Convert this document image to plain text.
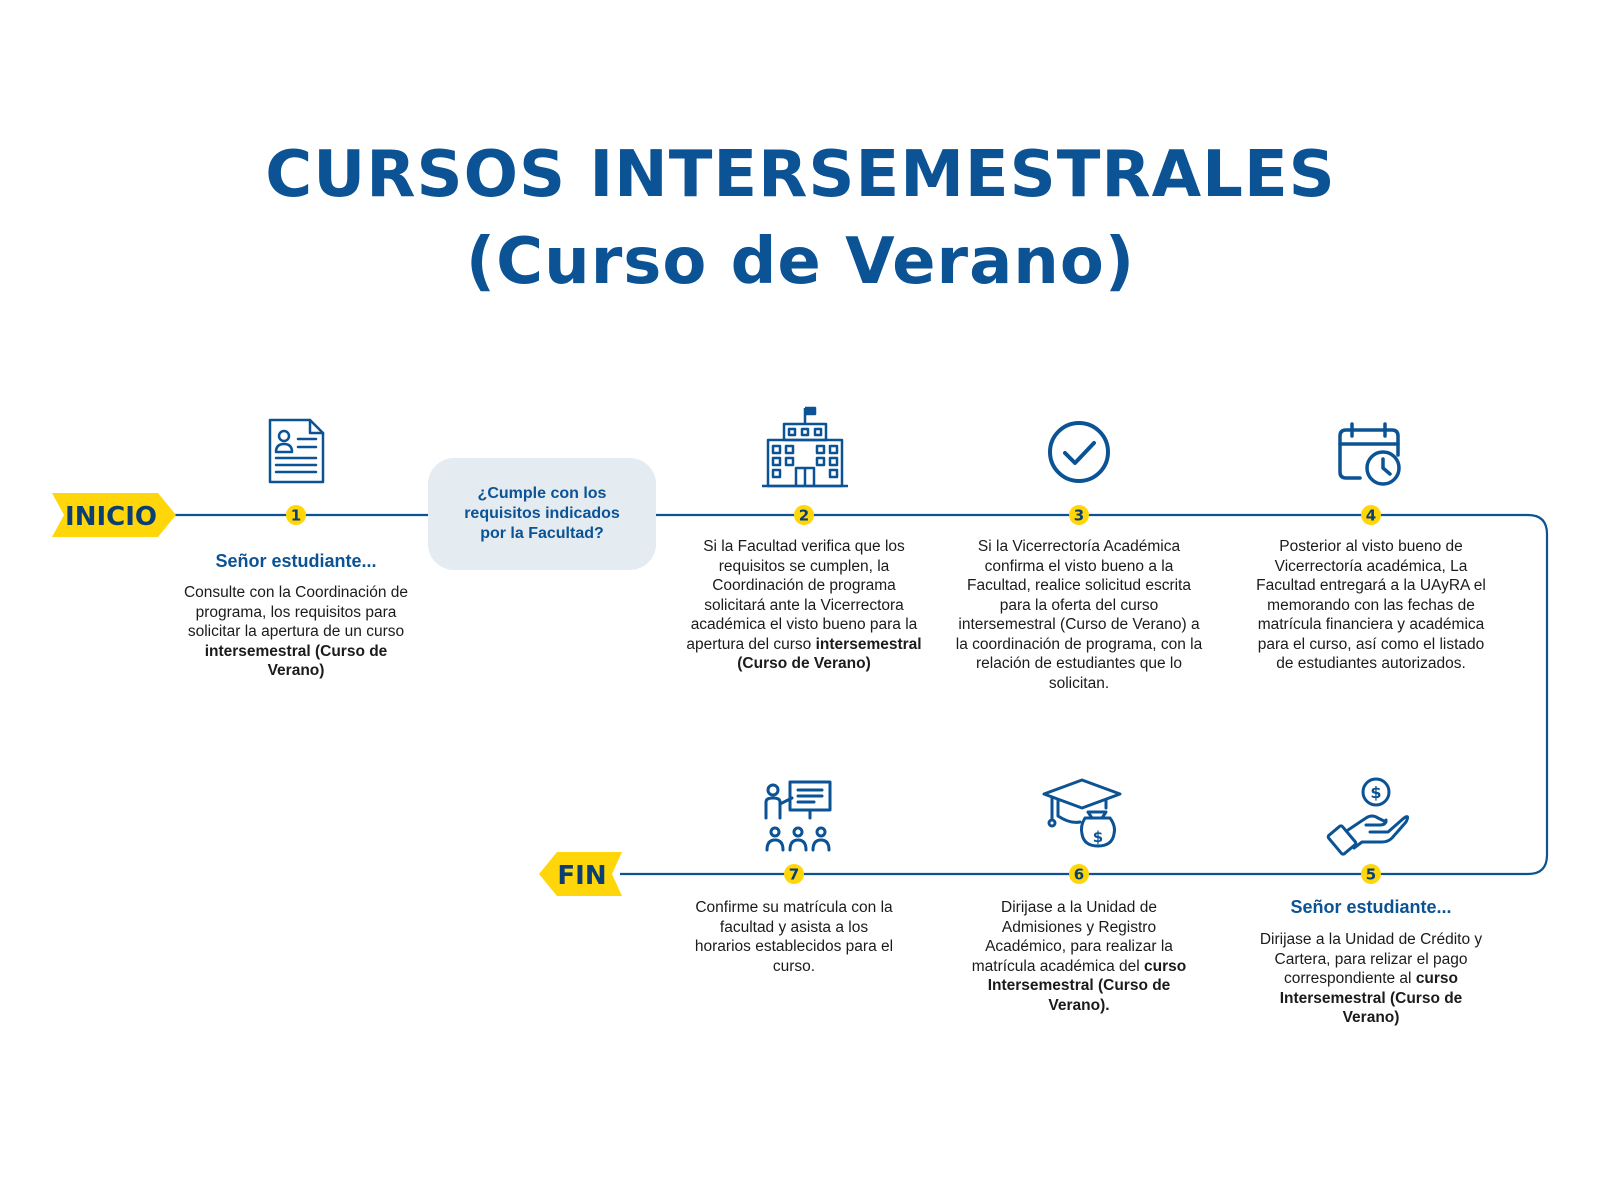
CURSOS INTERSEMESTRALES
(Curso de Verano)
INICIO
FIN
1	2	3	4
5
6
7
$
$
¿Cumple con los requisitos indicados por la Facultad?
Señor estudiante...
Consulte con la Coordinación de programa, los requisitos para solicitar la apertura de un curso intersemestral (Curso de Verano)
Si la Facultad verifica que los requisitos se cumplen, la Coordinación de programa solicitará ante la Vicerrectora académica el visto bueno para la apertura del curso intersemestral (Curso de Verano)
Si la Vicerrectoría Académica confirma el visto bueno a la Facultad, realice solicitud escrita para la oferta del curso intersemestral (Curso de Verano) a la coordinación de programa, con la relación de estudiantes que lo solicitan.
Posterior al visto bueno de Vicerrectoría académica, La Facultad entregará a la UAyRA el memorando con las fechas de matrícula financiera y académica para el curso, así como el listado de estudiantes autorizados.
Señor estudiante...
Dirijase a la Unidad de Crédito y Cartera, para relizar el pago correspondiente al curso Intersemestral (Curso de Verano)
Dirijase a la Unidad de Admisiones y Registro Académico, para realizar la matrícula académica del curso Intersemestral (Curso de Verano).
Confirme su matrícula con la facultad y asista a los horarios establecidos para el curso.
